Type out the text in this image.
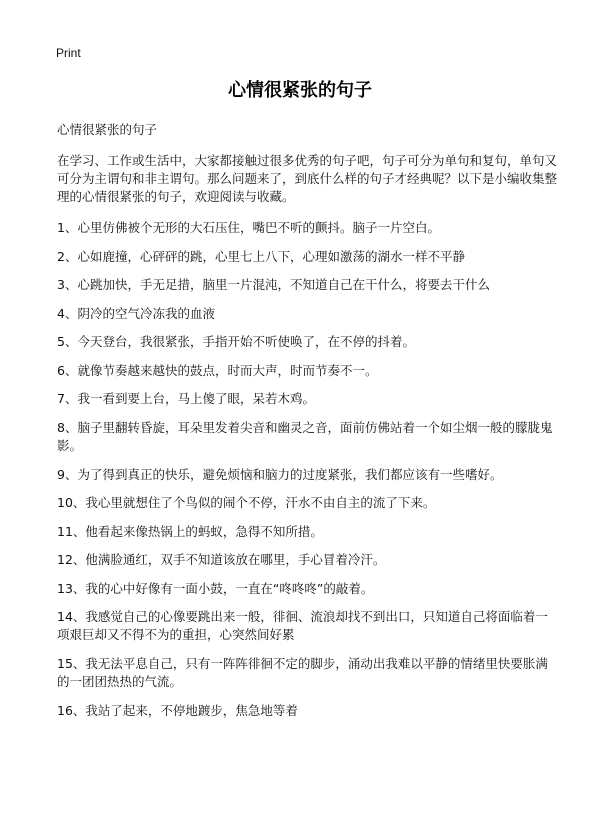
Print
心情很紧张的句子
心情很紧张的句子
在学习、工作或生活中，大家都接触过很多优秀的句子吧，句子可分为单句和复句，单句又可分为主谓句和非主谓句。那么问题来了，到底什么样的句子才经典呢？以下是小编收集整理的心情很紧张的句子，欢迎阅读与收藏。
1、心里仿佛被个无形的大石压住，嘴巴不听的颤抖。脑子一片空白。
2、心如鹿撞，心砰砰的跳，心里七上八下，心理如激荡的湖水一样不平静
3、心跳加快，手无足措，脑里一片混沌，不知道自己在干什么，将要去干什么
4、阴冷的空气冷冻我的血液
5、今天登台，我很紧张，手指开始不听使唤了，在不停的抖着。
6、就像节奏越来越快的鼓点，时而大声，时而节奏不一。
7、我一看到要上台，马上傻了眼，呆若木鸡。
8、脑子里翻转昏旋，耳朵里发着尖音和幽灵之音，面前仿佛站着一个如尘烟一般的朦胧鬼影。
9、为了得到真正的快乐，避免烦恼和脑力的过度紧张，我们都应该有一些嗜好。
10、我心里就想住了个鸟似的闹个不停，汗水不由自主的流了下来。
11、他看起来像热锅上的蚂蚁，急得不知所措。
12、他满脸通红，双手不知道该放在哪里，手心冒着冷汗。
13、我的心中好像有一面小鼓，一直在“咚咚咚”的敲着。
14、我感觉自己的心像要跳出来一般，徘徊、流浪却找不到出口，只知道自己将面临着一项艰巨却又不得不为的重担，心突然间好累
15、我无法平息自己，只有一阵阵徘徊不定的脚步，涌动出我难以平静的情绪里快要胀满的一团团热热的气流。
16、我站了起来，不停地踱步，焦急地等着
